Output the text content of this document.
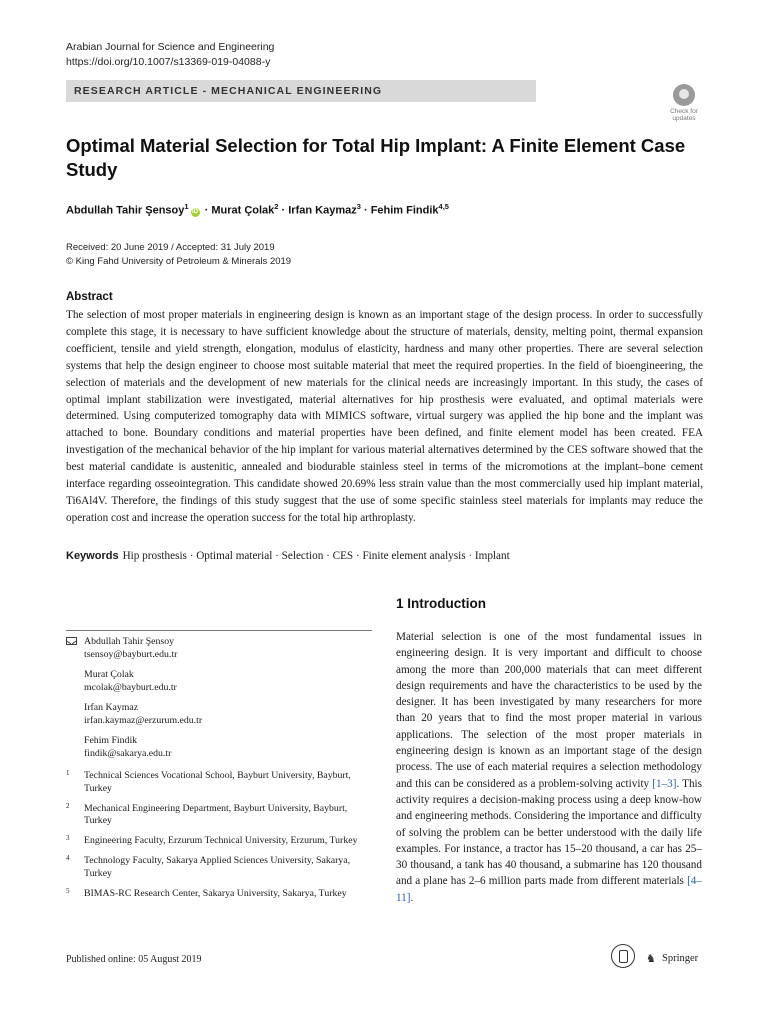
Arabian Journal for Science and Engineering
https://doi.org/10.1007/s13369-019-04088-y
RESEARCH ARTICLE - MECHANICAL ENGINEERING
Check for
updates
Optimal Material Selection for Total Hip Implant: A Finite Element Case Study
Abdullah Tahir Şensoy$^1$iD · Murat Çolak$^2$ · Irfan Kaymaz$^3$ · Fehim Findik$^{4,5}$
Received: 20 June 2019 / Accepted: 31 July 2019
© King Fahd University of Petroleum & Minerals 2019
Abstract
The selection of most proper materials in engineering design is known as an important stage of the design process. In order to successfully complete this stage, it is necessary to have sufficient knowledge about the structure of materials, density, melting point, thermal expansion coefficient, tensile and yield strength, elongation, modulus of elasticity, hardness and many other properties. There are several selection systems that help the design engineer to choose most suitable material that meet the required properties. In the field of bioengineering, the selection of materials and the development of new materials for the clinical needs are increasingly important. In this study, the cases of optimal implant stabilization were investigated, material alternatives for hip prosthesis were evaluated, and optimal materials were determined. Using computerized tomography data with MIMICS software, virtual surgery was applied the hip bone and the implant was attached to bone. Boundary conditions and material properties have been defined, and finite element model has been created. FEA investigation of the mechanical behavior of the hip implant for various material alternatives determined by the CES software showed that the best material candidate is austenitic, annealed and biodurable stainless steel in terms of the micromotions at the implant–bone cement interface regarding osseointegration. This candidate showed 20.69% less strain value than the most commercially used hip implant material, Ti6Al4V. Therefore, the findings of this study suggest that the use of some specific stainless steel materials for implants may reduce the operation cost and increase the operation success for the total hip arthroplasty.
Keywords Hip prosthesis · Optimal material · Selection · CES · Finite element analysis · Implant
1 Introduction
Abdullah Tahir Şensoy
tsensoy@bayburt.edu.tr
Murat Çolak
mcolak@bayburt.edu.tr
Irfan Kaymaz
irfan.kaymaz@erzurum.edu.tr
Fehim Findik
findik@sakarya.edu.tr
1 Technical Sciences Vocational School, Bayburt University, Bayburt, Turkey
2 Mechanical Engineering Department, Bayburt University, Bayburt, Turkey
3 Engineering Faculty, Erzurum Technical University, Erzurum, Turkey
4 Technology Faculty, Sakarya Applied Sciences University, Sakarya, Turkey
5 BIMAS-RC Research Center, Sakarya University, Sakarya, Turkey
Material selection is one of the most fundamental issues in engineering design. It is very important and difficult to choose among the more than 200,000 materials that can meet different design requirements and have the characteristics to be used by the designer. It has been investigated by many researchers for more than 20 years that to find the most proper material in various applications. The selection of the most proper materials in engineering design is known as an important stage of the design process. The use of each material requires a selection methodology and this can be considered as a problem-solving activity [1–3]. This activity requires a decision-making process using a deep know-how and engineering methods. Considering the importance and difficulty of solving the problem can be better understood with the daily life examples. For instance, a tractor has 15–20 thousand, a car has 25–30 thousand, a tank has 40 thousand, a submarine has 120 thousand and a plane has 2–6 million parts made from different materials [4–11].
Published online: 05 August 2019	♞ Springer
